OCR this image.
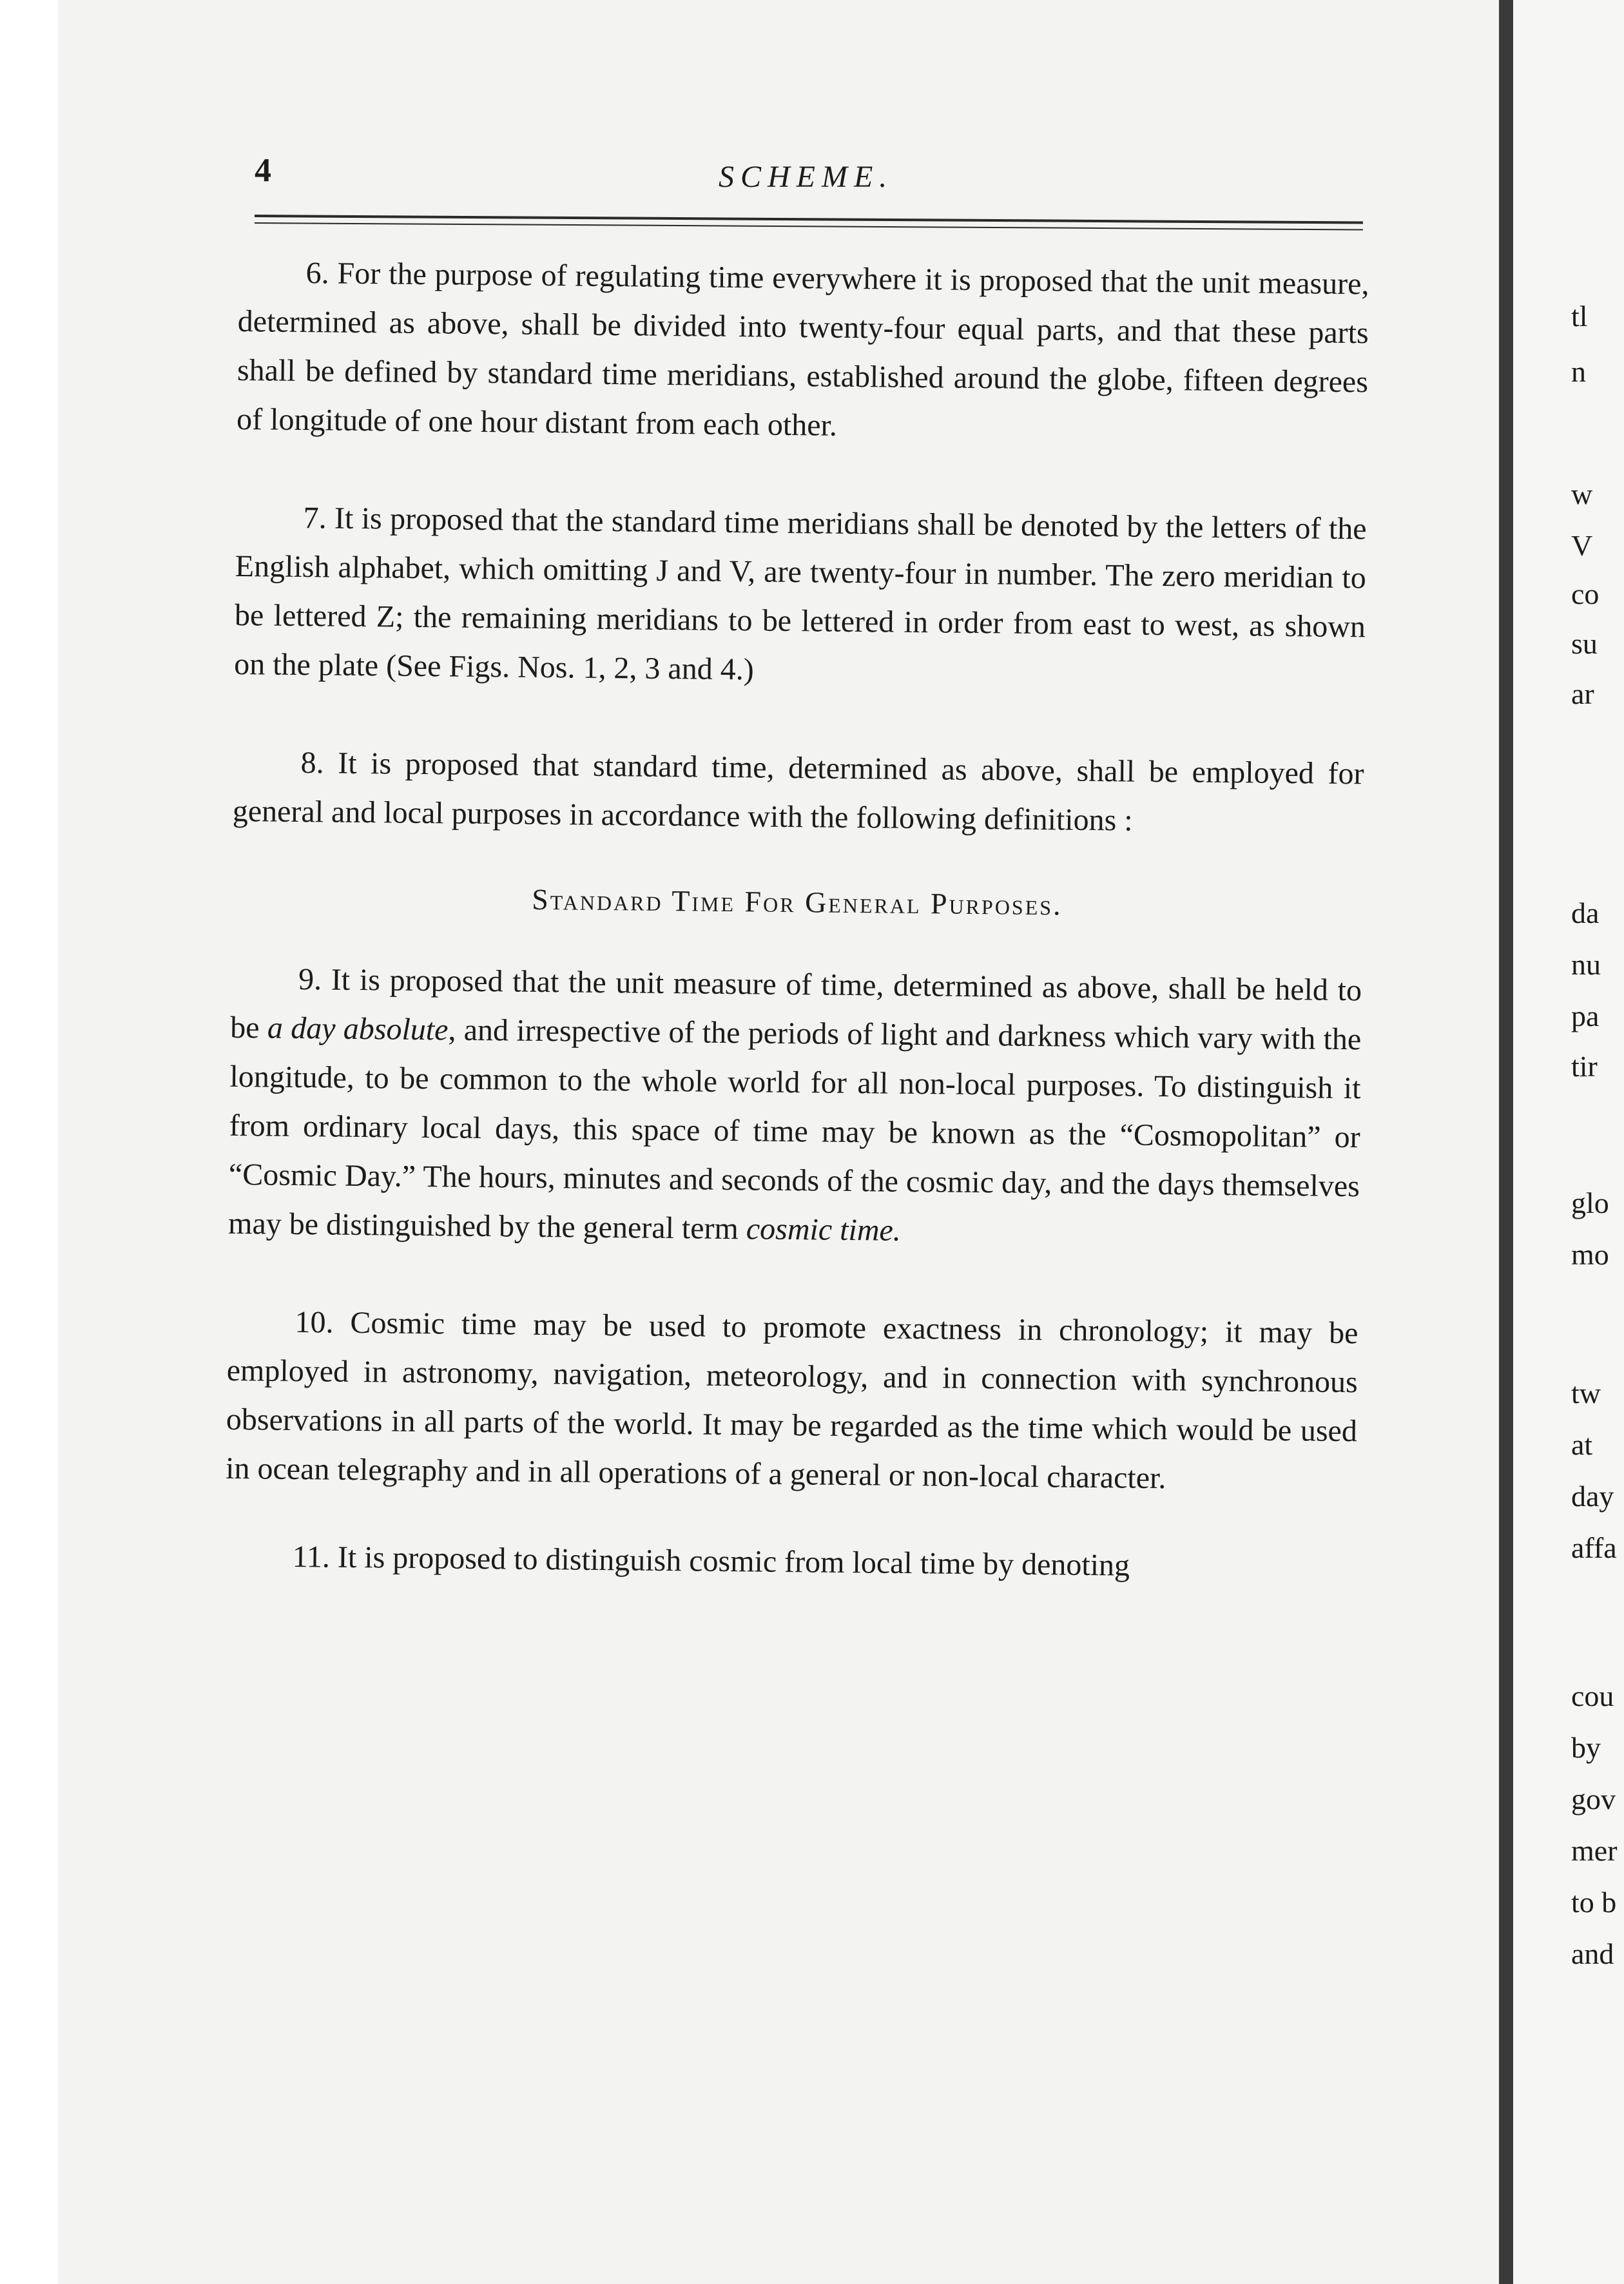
4	SCHEME.

6. For the purpose of regulating time everywhere it is proposed that the unit measure, determined as above, shall be divided into twenty-four equal parts, and that these parts shall be defined by standard time meridians, established around the globe, fifteen degrees of longitude of one hour distant from each other.

7. It is proposed that the standard time meridians shall be denoted by the letters of the English alphabet, which omitting J and V, are twenty-four in number. The zero meridian to be lettered Z; the remaining meridians to be lettered in order from east to west, as shown on the plate (See Figs. Nos. 1, 2, 3 and 4.)

8. It is proposed that standard time, determined as above, shall be employed for general and local purposes in accordance with the following definitions :

Standard Time For General Purposes.

9. It is proposed that the unit measure of time, determined as above, shall be held to be a day absolute, and irrespective of the periods of light and darkness which vary with the longitude, to be common to the whole world for all non-local purposes. To distinguish it from ordinary local days, this space of time may be known as the “Cosmopolitan” or “Cosmic Day.” The hours, minutes and seconds of the cosmic day, and the days themselves may be distinguished by the general term cosmic time.

10. Cosmic time may be used to promote exactness in chronology; it may be employed in astronomy, navigation, meteorology, and in connection with synchronous observations in all parts of the world. It may be regarded as the time which would be used in ocean telegraphy and in all operations of a general or non-local character.

11. It is proposed to distinguish cosmic from local time by denoting

tl
n
w
V
co
su
ar
da
nu
pa
tir
glo
mo
tw
at
day
affa
cou
by
gov
mer
to b
and
